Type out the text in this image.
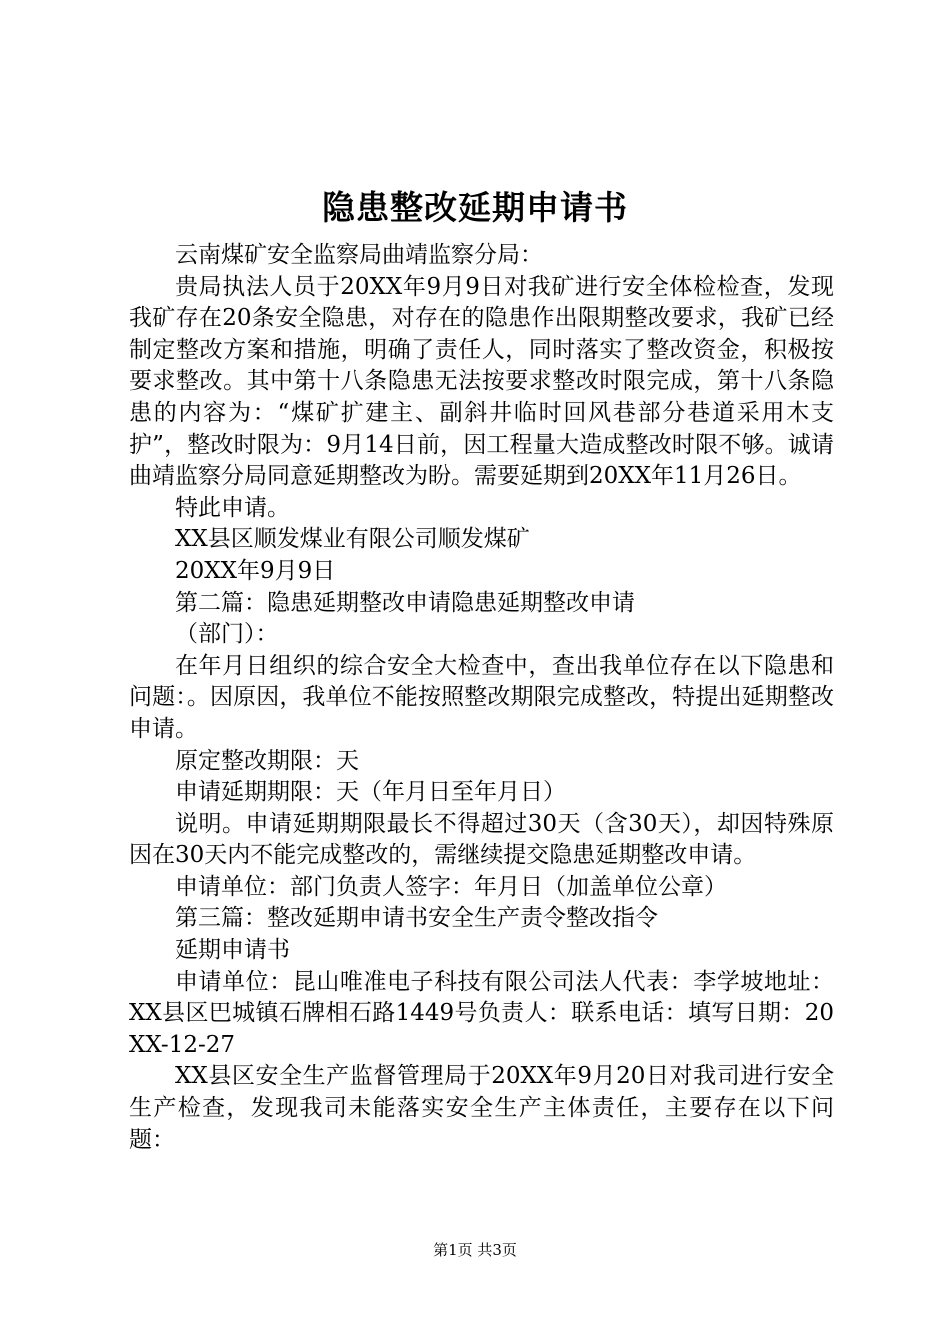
隐患整改延期申请书

云南煤矿安全监察局曲靖监察分局：

贵局执法人员于20XX年9月9日对我矿进行安全体检检查，发现我矿存在20条安全隐患，对存在的隐患作出限期整改要求，我矿已经制定整改方案和措施，明确了责任人，同时落实了整改资金，积极按要求整改。其中第十八条隐患无法按要求整改时限完成，第十八条隐患的内容为：“煤矿扩建主、副斜井临时回风巷部分巷道采用木支护”，整改时限为：9月14日前，因工程量大造成整改时限不够。诚请曲靖监察分局同意延期整改为盼。需要延期到20XX年11月26日。

特此申请。

XX县区顺发煤业有限公司顺发煤矿

20XX年9月9日

第二篇：隐患延期整改申请隐患延期整改申请

（部门）：

在年月日组织的综合安全大检查中，查出我单位存在以下隐患和问题：。因原因，我单位不能按照整改期限完成整改，特提出延期整改申请。

原定整改期限：天

申请延期期限：天（年月日至年月日）

说明。申请延期期限最长不得超过30天（含30天），却因特殊原因在30天内不能完成整改的，需继续提交隐患延期整改申请。

申请单位：部门负责人签字：年月日（加盖单位公章）

第三篇：整改延期申请书安全生产责令整改指令

延期申请书

申请单位：昆山唯准电子科技有限公司法人代表：李学坡地址：XX县区巴城镇石牌相石路1449号负责人：联系电话：填写日期：20XX-12-27

XX县区安全生产监督管理局于20XX年9月20日对我司进行安全生产检查，发现我司未能落实安全生产主体责任，主要存在以下问题：

第1页 共3页
